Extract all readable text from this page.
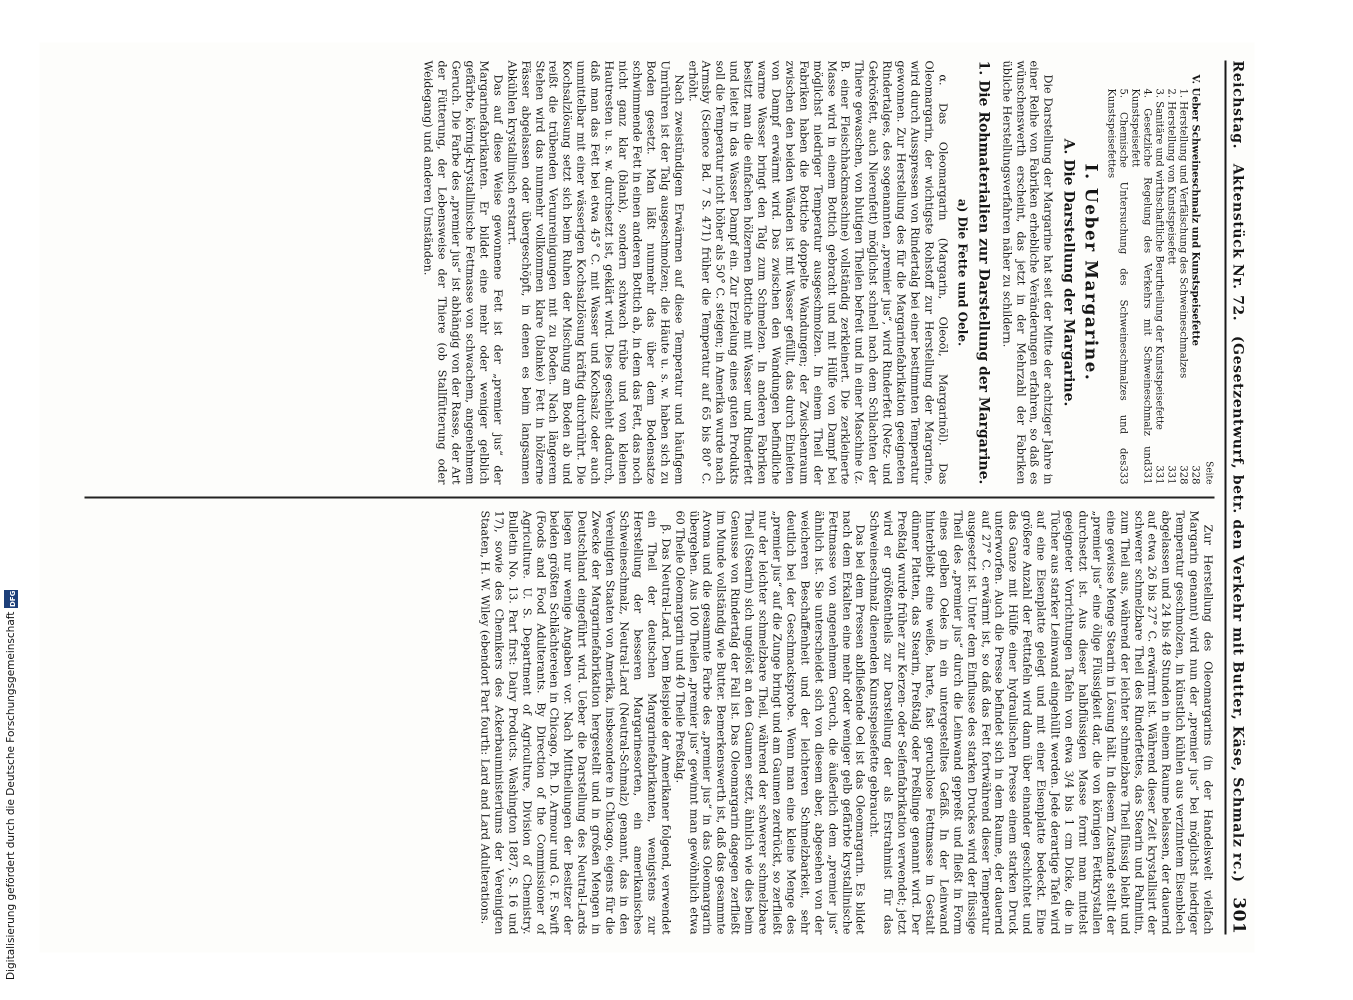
Reichstag.
Aktenstück Nr. 72.
(Gesetzentwurf, betr. den Verkehr mit Butter, Käse, Schmalz rc.)
301
Seite
V. Ueber Schweineschmalz und Kunstspeisefette
328
1. Herstellung und Verfälschung des Schweineschmalzes
328
2. Herstellung von Kunstspeisefett
331
3. Sanitäre und wirthschaftliche Beurtheilung der Kunstspeisefette
331
4. Gesetzliche Regelung des Verkehrs mit Schweineschmalz und Kunstspeisefett
331
5. Chemische Untersuchung des Schweineschmalzes und des Kunstspeisefettes
333
I. Ueber Margarine.
A. Die Darstellung der Margarine.

Die Darstellung der Margarine hat seit der Mitte der achtziger Jahre in einer Reihe von Fabriken erhebliche Veränderungen erfahren, so daß es wünschenswerth erscheint, das jetzt in der Mehrzahl der Fabriken übliche Herstellungsverfahren näher zu schildern.

1. Die Rohmaterialien zur Darstellung der Margarine.
a) Die Fette und Oele.

α. Das Oleomargarin (Margarin, Oleoöl, Margarinöl). Das Oleomargarin, der wichtigste Rohstoff zur Herstellung der Margarine, wird durch Ausspressen von Rindertalg bei einer bestimmten Temperatur gewonnen. Zur Herstellung des für die Margarinefabrikation geeigneten Rindertalges, des sogenannten „premier jus“, wird Rinderfett (Netz- und Gekrösfett, auch Nierenfett) möglichst schnell nach dem Schlachten der Thiere gewaschen, von blutigen Theilen befreit und in einer Maschine (z. B. einer Fleischhackmaschine) vollständig zerkleinert. Die zerkleinerte Masse wird in einem Bottich gebracht und mit Hülfe von Dampf bei möglichst niedriger Temperatur ausgeschmolzen. In einem Theil der Fabriken haben die Bottiche doppelte Wandungen; der Zwischenraum zwischen den beiden Wänden ist mit Wasser gefüllt, das durch Einleiten von Dampf erwärmt wird. Das zwischen den Wandungen befindliche warme Wasser bringt den Talg zum Schmelzen. In anderen Fabriken besitzt man die einfachen hölzernen Bottiche mit Wasser und Rinderfett und leitet in das Wasser Dampf ein. Zur Erzielung eines guten Produkts soll die Temperatur nicht höher als 50° C. steigen; in Amerika wurde nach Armsby (Science Bd. 7 S. 471) früher die Temperatur auf 65 bis 80° C. erhöht.

Nach zweistündigem Erwärmen auf diese Temperatur und häufigem Umrühren ist der Talg ausgeschmolzen; die Häute u. s. w. haben sich zu Boden gesetzt. Man läßt nunmehr das über dem Bodensatze schwimmende Fett in einen anderen Bottich ab, in dem das Fett, das noch nicht ganz klar (blank), sondern schwach trübe und von kleinen Hautresten u. s. w. durchsetzt ist, geklärt wird. Dies geschieht dadurch, daß man das Fett bei etwa 45° C. mit Wasser und Kochsalz oder auch unmittelbar mit einer wässerigen Kochsalzlösung kräftig durchrührt. Die Kochsalzlösung setzt sich beim Ruhen der Mischung am Boden ab und reißt die trübenden Verunreinigungen mit zu Boden. Nach längerem Stehen wird das nunmehr vollkommen klare (blanke) Fett in hölzerne Fässer abgelassen oder übergeschöpft, in denen es beim langsamen Abkühlen krystallinisch erstarrt.

Das auf diese Weise gewonnene Fett ist der „premier jus“ der Margarinefabrikanten. Er bildet eine mehr oder weniger gelblich gefärbte, körnig-krystallinische Fettmasse von schwachem, angenehmem Geruch. Die Farbe des „premier jus“ ist abhängig von der Rasse, der Art der Fütterung, der Lebensweise der Thiere (ob Stallfütterung oder Weidegang) und anderen Umständen.

Zur Herstellung des Oleomargarins (in der Handelswelt vielfach Margarin genannt) wird nun der „premier jus“ bei möglichst niedriger Temperatur geschmolzen, in künstlich kühlen aus verzinntem Eisenblech abgelassen und 24 bis 48 Stunden in einem Raume belassen, der dauernd auf etwa 26 bis 27° C. erwärmt ist. Während dieser Zeit krystallisirt der schwerer schmelzbare Theil des Rinderfettes, das Stearin und Palmitin, zum Theil aus, während der leichter schmelzbare Theil flüssig bleibt und eine gewisse Menge Stearin in Lösung hält. In diesem Zustande stellt der „premier jus“ eine ölige Flüssigkeit dar, die von körnigen Fettkrystallen durchsetzt ist. Aus dieser halbflüssigen Masse formt man mittelst geeigneter Vorrichtungen Tafeln von etwa 3/4 bis 1 cm Dicke, die in Tücher aus starker Leinwand eingehüllt werden. Jede derartige Tafel wird auf eine Eisenplatte gelegt und mit einer Eisenplatte bedeckt. Eine größere Anzahl der Fetttafeln wird dann über einander geschichtet und das Ganze mit Hülfe einer hydraulischen Presse einem starken Druck unterworfen. Auch die Presse befindet sich in dem Raume, der dauernd auf 27° C. erwärmt ist, so daß das Fett fortwährend dieser Temperatur ausgesetzt ist. Unter dem Einflusse des starken Druckes wird der flüssige Theil des „premier jus“ durch die Leinwand gepreßt und fließt in Form eines gelben Oeles in ein untergestelltes Gefäß. In der Leinwand hinterbleibt eine weiße, harte, fast geruchlose Fettmasse in Gestalt dünner Platten, das Stearin, Preßtalg oder Preßlinge genannt wird. Der Preßtalg wurde früher zur Kerzen- oder Seifenfabrikation verwendet; jetzt wird er größtentheils zur Darstellung der als Erstrahmist für das Schweineschmalz dienenden Kunstspeisefette gebraucht.

Das bei dem Pressen abfließende Oel ist das Oleomargarin. Es bildet nach dem Erkalten eine mehr oder weniger gelb gefärbte krystallinische Fettmasse von angenehmem Geruch, die äußerlich dem „premier jus“ ähnlich ist. Sie unterscheidet sich von diesem aber, abgesehen von der weicheren Beschaffenheit und der leichteren Schmelzbarkeit, sehr deutlich bei der Geschmacksprobe. Wenn man eine kleine Menge des „premier jus“ auf die Zunge bringt und am Gaumen zerdrückt, so zerfließt nur der leichter schmelzbare Theil, während der schwerer schmelzbare Theil (Stearin) sich ungelöst an den Gaumen setzt, ähnlich wie dies beim Genusse von Rindertalg der Fall ist. Das Oleomargarin dagegen zerfließt im Munde vollständig wie Butter. Bemerkenswerth ist, daß das gesammte Aroma und die gesammte Farbe des „premier jus“ in das Oleomargarin übergehen. Aus 100 Theilen „premier jus“ gewinnt man gewöhnlich etwa 60 Theile Oleomargarin und 40 Theile Preßtalg.

β. Das Neutral-Lard. Dem Beispiele der Amerikaner folgend, verwendet ein Theil der deutschen Margarinefabrikanten, wenigstens zur Herstellung der besseren Margarinesorten, ein amerikanisches Schweineschmalz, Neutral-Lard (Neutral-Schmalz) genannt, das in den Vereinigten Staaten von Amerika, insbesondere in Chicago, eigens für die Zwecke der Margarinefabrikation hergestellt und in großen Mengen in Deutschland eingeführt wird. Ueber die Darstellung des Neutral-Lards liegen nur wenige Angaben vor. Nach Mittheilungen der Besitzer der beiden größten Schlächtereien in Chicago, Ph. D. Armour und G. F. Swift (Foods and Food Adulterants. By Direction of the Commissioner of Agriculture. U. S. Department of Agriculture, Division of Chemistry. Bulletin No. 13. Part first: Dairy Products. Washington 1887, S. 16 und 17), sowie des Chemikers des Ackerbauministeriums der Vereinigten Staaten, H. W. Wiley (ebendort Part fourth: Lard and Lard Adulterations.

Digitalisierung gefördert durch die Deutsche Forschungsgemeinschaft
DFG
